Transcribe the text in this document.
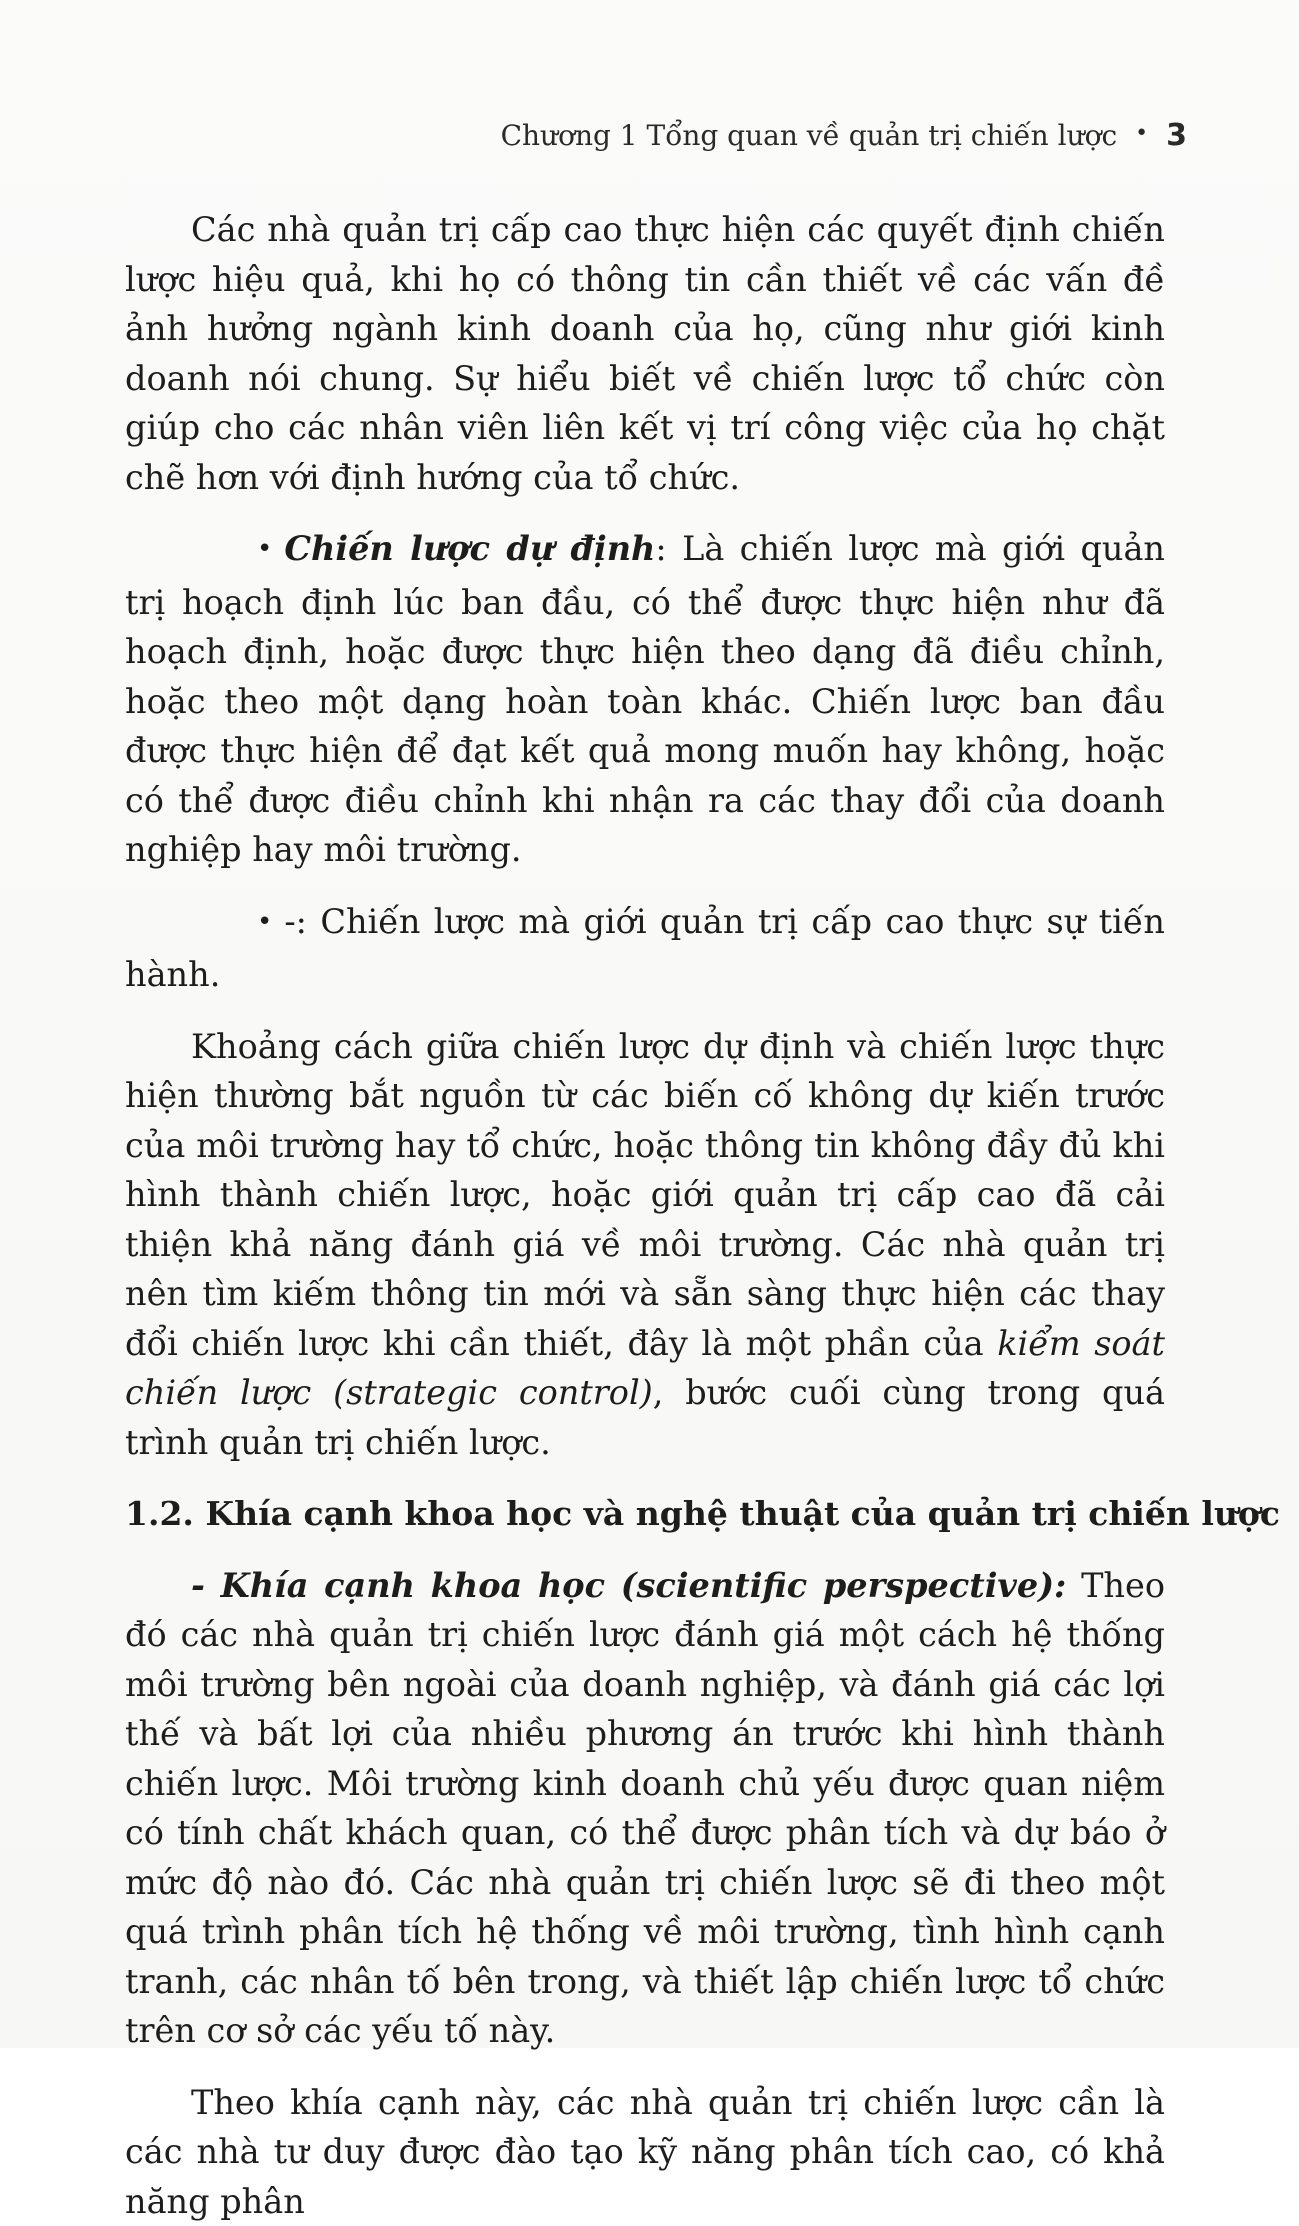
Chương 1 Tổng quan về quản trị chiến lược • 3

Các nhà quản trị cấp cao thực hiện các quyết định chiến lược hiệu quả, khi họ có thông tin cần thiết về các vấn đề ảnh hưởng ngành kinh doanh của họ, cũng như giới kinh doanh nói chung. Sự hiểu biết về chiến lược tổ chức còn giúp cho các nhân viên liên kết vị trí công việc của họ chặt chẽ hơn với định hướng của tổ chức.

• Chiến lược dự định: Là chiến lược mà giới quản trị hoạch định lúc ban đầu, có thể được thực hiện như đã hoạch định, hoặc được thực hiện theo dạng đã điều chỉnh, hoặc theo một dạng hoàn toàn khác. Chiến lược ban đầu được thực hiện để đạt kết quả mong muốn hay không, hoặc có thể được điều chỉnh khi nhận ra các thay đổi của doanh nghiệp hay môi trường.

• -: Chiến lược mà giới quản trị cấp cao thực sự tiến hành.

Khoảng cách giữa chiến lược dự định và chiến lược thực hiện thường bắt nguồn từ các biến cố không dự kiến trước của môi trường hay tổ chức, hoặc thông tin không đầy đủ khi hình thành chiến lược, hoặc giới quản trị cấp cao đã cải thiện khả năng đánh giá về môi trường. Các nhà quản trị nên tìm kiếm thông tin mới và sẵn sàng thực hiện các thay đổi chiến lược khi cần thiết, đây là một phần của kiểm soát chiến lược (strategic control), bước cuối cùng trong quá trình quản trị chiến lược.

1.2. Khía cạnh khoa học và nghệ thuật của quản trị chiến lược

- Khía cạnh khoa học (scientific perspective): Theo đó các nhà quản trị chiến lược đánh giá một cách hệ thống môi trường bên ngoài của doanh nghiệp, và đánh giá các lợi thế và bất lợi của nhiều phương án trước khi hình thành chiến lược. Môi trường kinh doanh chủ yếu được quan niệm có tính chất khách quan, có thể được phân tích và dự báo ở mức độ nào đó. Các nhà quản trị chiến lược sẽ đi theo một quá trình phân tích hệ thống về môi trường, tình hình cạnh tranh, các nhân tố bên trong, và thiết lập chiến lược tổ chức trên cơ sở các yếu tố này.

Theo khía cạnh này, các nhà quản trị chiến lược cần là các nhà tư duy được đào tạo kỹ năng phân tích cao, có khả năng phân
